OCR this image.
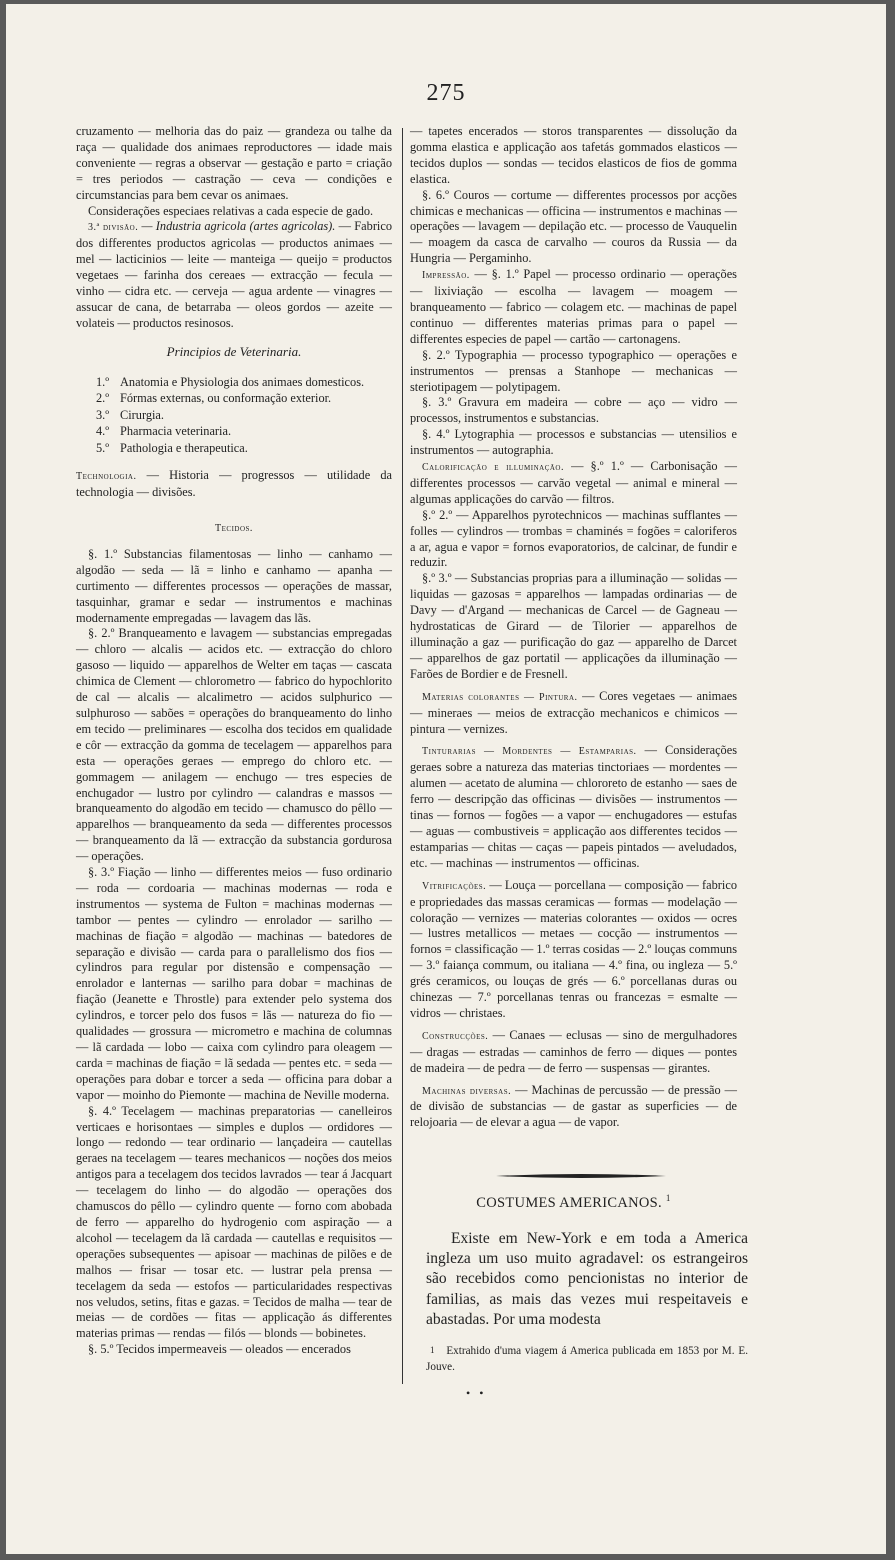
275

cruzamento — melhoria das do paiz — grandeza ou talhe da raça — qualidade dos animaes reproductores — idade mais conveniente — regras a observar — gestação e parto = criação = tres periodos — castração — ceva — condições e circumstancias para bem cevar os animaes.

Considerações especiaes relativas a cada especie de gado.

3.ª divisão. — Industria agricola (artes agricolas). — Fabrico dos differentes productos agricolas — productos animaes — mel — lacticinios — leite — manteiga — queijo = productos vegetaes — farinha dos cereaes — extracção — fecula — vinho — cidra etc. — cerveja — agua ardente — vinagres — assucar de cana, de betarraba — oleos gordos — azeite — volateis — productos resinosos.

Principios de Veterinaria.
1.º Anatomia e Physiologia dos animaes domesticos.
2.º Fórmas externas, ou conformação exterior.
3.º Cirurgia.
4.º Pharmacia veterinaria.
5.º Pathologia e therapeutica.

Technologia. — Historia — progressos — utilidade da technologia — divisões.

Tecidos.

§. 1.º Substancias filamentosas — linho — canhamo — algodão — seda — lã = linho e canhamo — apanha — curtimento — differentes processos — operações de massar, tasquinhar, gramar e sedar — instrumentos e machinas modernamente empregadas — lavagem das lãs.

§. 2.º Branqueamento e lavagem — substancias empregadas — chloro — alcalis — acidos etc. — extracção do chloro gasoso — liquido — apparelhos de Welter em taças — cascata chimica de Clement — chlorometro — fabrico do hypochlorito de cal — alcalis — alcalimetro — acidos sulphurico — sulphuroso — sabões = operações do branqueamento do linho em tecido — preliminares — escolha dos tecidos em qualidade e côr — extracção da gomma de tecelagem — apparelhos para esta — operações geraes — emprego do chloro etc. — gommagem — anilagem — enchugo — tres especies de enchugador — lustro por cylindro — calandras e massos — branqueamento do algodão em tecido — chamusco do pêllo — apparelhos — branqueamento da seda — differentes processos — branqueamento da lã — extracção da substancia gordurosa — operações.

§. 3.º Fiação — linho — differentes meios — fuso ordinario — roda — cordoaria — machinas modernas — roda e instrumentos — systema de Fulton = machinas modernas — tambor — pentes — cylindro — enrolador — sarilho — machinas de fiação = algodão — machinas — batedores de separação e divisão — carda para o parallelismo dos fios — cylindros para regular por distensão e compensação — enrolador e lanternas — sarilho para dobar = machinas de fiação (Jeanette e Throstle) para extender pelo systema dos cylindros, e torcer pelo dos fusos = lãs — natureza do fio — qualidades — grossura — micrometro e machina de columnas — lã cardada — lobo — caixa com cylindro para oleagem — carda = machinas de fiação = lã sedada — pentes etc. = seda — operações para dobar e torcer a seda — officina para dobar a vapor — moinho do Piemonte — machina de Neville moderna.

§. 4.º Tecelagem — machinas preparatorias — canelleiros verticaes e horisontaes — simples e duplos — ordidores — longo — redondo — tear ordinario — lançadeira — cautellas geraes na tecelagem — teares mechanicos — noções dos meios antigos para a tecelagem dos tecidos lavrados — tear á Jacquart — tecelagem do linho — do algodão — operações dos chamuscos do pêllo — cylindro quente — forno com abobada de ferro — apparelho do hydrogenio com aspiração — a alcohol — tecelagem da lã cardada — cautellas e requisitos — operações subsequentes — apisoar — machinas de pilões e de malhos — frisar — tosar etc. — lustrar pela prensa — tecelagem da seda — estofos — particularidades respectivas nos veludos, setins, fitas e gazas. = Tecidos de malha — tear de meias — de cordões — fitas — applicação ás differentes materias primas — rendas — filós — blonds — bobinetes.

§. 5.º Tecidos impermeaveis — oleados — encerados

— tapetes encerados — storos transparentes — dissolução da gomma elastica e applicação aos tafetás gommados elasticos — tecidos duplos — sondas — tecidos elasticos de fios de gomma elastica.

§. 6.º Couros — cortume — differentes processos por acções chimicas e mechanicas — officina — instrumentos e machinas — operações — lavagem — depilação etc. — processo de Vauquelin — moagem da casca de carvalho — couros da Russia — da Hungria — Pergaminho.

Impressão. — §. 1.º Papel — processo ordinario — operações — lixiviação — escolha — lavagem — moagem — branqueamento — fabrico — colagem etc. — machinas de papel continuo — differentes materias primas para o papel — differentes especies de papel — cartão — cartonagens.

§. 2.º Typographia — processo typographico — operações e instrumentos — prensas a Stanhope — mechanicas — steriotipagem — polytipagem.

§. 3.º Gravura em madeira — cobre — aço — vidro — processos, instrumentos e substancias.

§. 4.º Lytographia — processos e substancias — utensilios e instrumentos — autographia.

Calorificação e illuminação. — §.º 1.º — Carbonisação — differentes processos — carvão vegetal — animal e mineral — algumas applicações do carvão — filtros.

§.º 2.º — Apparelhos pyrotechnicos — machinas sufflantes — folles — cylindros — trombas = chaminés = fogões = caloriferos a ar, agua e vapor = fornos evaporatorios, de calcinar, de fundir e reduzir.

§.º 3.º — Substancias proprias para a illuminação — solidas — liquidas — gazosas = apparelhos — lampadas ordinarias — de Davy — d'Argand — mechanicas de Carcel — de Gagneau — hydrostaticas de Girard — de Tilorier — apparelhos de illuminação a gaz — purificação do gaz — apparelho de Darcet — apparelhos de gaz portatil — applicações da illuminação — Farões de Bordier e de Fresnell.

Materias colorantes — Pintura. — Cores vegetaes — animaes — mineraes — meios de extracção mechanicos e chimicos — pintura — vernizes.

Tinturarias — Mordentes — Estamparias. — Considerações geraes sobre a natureza das materias tinctoriaes — mordentes — alumen — acetato de alumina — chlororeto de estanho — saes de ferro — descripção das officinas — divisões — instrumentos — tinas — fornos — fogões — a vapor — enchugadores — estufas — aguas — combustiveis = applicação aos differentes tecidos — estamparias — chitas — caças — papeis pintados — aveludados, etc. — machinas — instrumentos — officinas.

Vitrificações. — Louça — porcellana — composição — fabrico e propriedades das massas ceramicas — formas — modelação — coloração — vernizes — materias colorantes — oxidos — ocres — lustres metallicos — metaes — cocção — instrumentos — fornos = classificação — 1.º terras cosidas — 2.º louças communs — 3.º faiança commum, ou italiana — 4.º fina, ou ingleza — 5.º grés ceramicos, ou louças de grés — 6.º porcellanas duras ou chinezas — 7.º porcellanas tenras ou francezas = esmalte — vidros — christaes.

Construcções. — Canaes — eclusas — sino de mergulhadores — dragas — estradas — caminhos de ferro — diques — pontes de madeira — de pedra — de ferro — suspensas — girantes.

Machinas diversas. — Machinas de percussão — de pressão — de divisão de substancias — de gastar as superficies — de relojoaria — de elevar a agua — de vapor.

COSTUMES AMERICANOS. $^1$

Existe em New-York e em toda a America ingleza um uso muito agradavel: os estrangeiros são recebidos como pencionistas no interior de familias, as mais das vezes mui respeitaveis e abastadas. Por uma modesta

1 Extrahido d'uma viagem á America publicada em 1853 por M. E. Jouve.

• •
